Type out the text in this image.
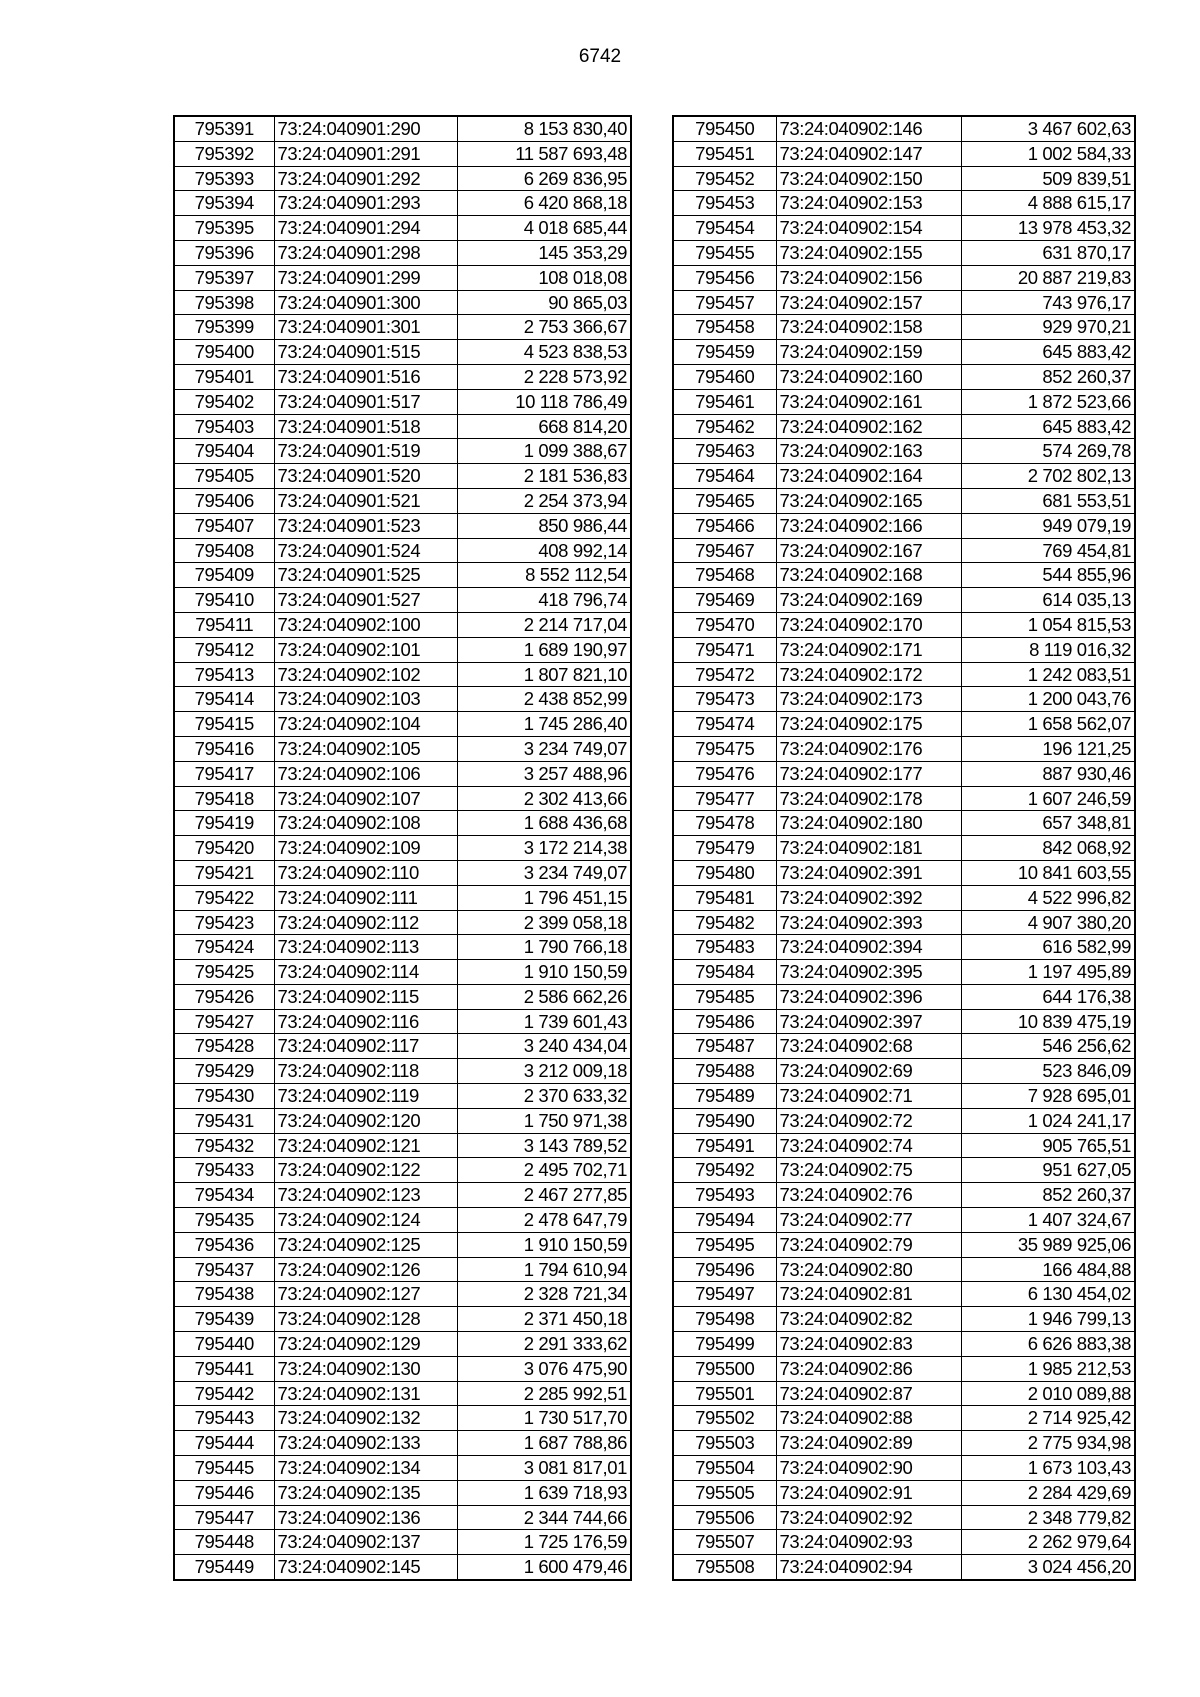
6742
795391	73:24:040901:290	8 153 830,40
795392	73:24:040901:291	11 587 693,48
795393	73:24:040901:292	6 269 836,95
795394	73:24:040901:293	6 420 868,18
795395	73:24:040901:294	4 018 685,44
795396	73:24:040901:298	145 353,29
795397	73:24:040901:299	108 018,08
795398	73:24:040901:300	90 865,03
795399	73:24:040901:301	2 753 366,67
795400	73:24:040901:515	4 523 838,53
795401	73:24:040901:516	2 228 573,92
795402	73:24:040901:517	10 118 786,49
795403	73:24:040901:518	668 814,20
795404	73:24:040901:519	1 099 388,67
795405	73:24:040901:520	2 181 536,83
795406	73:24:040901:521	2 254 373,94
795407	73:24:040901:523	850 986,44
795408	73:24:040901:524	408 992,14
795409	73:24:040901:525	8 552 112,54
795410	73:24:040901:527	418 796,74
795411	73:24:040902:100	2 214 717,04
795412	73:24:040902:101	1 689 190,97
795413	73:24:040902:102	1 807 821,10
795414	73:24:040902:103	2 438 852,99
795415	73:24:040902:104	1 745 286,40
795416	73:24:040902:105	3 234 749,07
795417	73:24:040902:106	3 257 488,96
795418	73:24:040902:107	2 302 413,66
795419	73:24:040902:108	1 688 436,68
795420	73:24:040902:109	3 172 214,38
795421	73:24:040902:110	3 234 749,07
795422	73:24:040902:111	1 796 451,15
795423	73:24:040902:112	2 399 058,18
795424	73:24:040902:113	1 790 766,18
795425	73:24:040902:114	1 910 150,59
795426	73:24:040902:115	2 586 662,26
795427	73:24:040902:116	1 739 601,43
795428	73:24:040902:117	3 240 434,04
795429	73:24:040902:118	3 212 009,18
795430	73:24:040902:119	2 370 633,32
795431	73:24:040902:120	1 750 971,38
795432	73:24:040902:121	3 143 789,52
795433	73:24:040902:122	2 495 702,71
795434	73:24:040902:123	2 467 277,85
795435	73:24:040902:124	2 478 647,79
795436	73:24:040902:125	1 910 150,59
795437	73:24:040902:126	1 794 610,94
795438	73:24:040902:127	2 328 721,34
795439	73:24:040902:128	2 371 450,18
795440	73:24:040902:129	2 291 333,62
795441	73:24:040902:130	3 076 475,90
795442	73:24:040902:131	2 285 992,51
795443	73:24:040902:132	1 730 517,70
795444	73:24:040902:133	1 687 788,86
795445	73:24:040902:134	3 081 817,01
795446	73:24:040902:135	1 639 718,93
795447	73:24:040902:136	2 344 744,66
795448	73:24:040902:137	1 725 176,59
795449	73:24:040902:145	1 600 479,46
795450	73:24:040902:146	3 467 602,63
795451	73:24:040902:147	1 002 584,33
795452	73:24:040902:150	509 839,51
795453	73:24:040902:153	4 888 615,17
795454	73:24:040902:154	13 978 453,32
795455	73:24:040902:155	631 870,17
795456	73:24:040902:156	20 887 219,83
795457	73:24:040902:157	743 976,17
795458	73:24:040902:158	929 970,21
795459	73:24:040902:159	645 883,42
795460	73:24:040902:160	852 260,37
795461	73:24:040902:161	1 872 523,66
795462	73:24:040902:162	645 883,42
795463	73:24:040902:163	574 269,78
795464	73:24:040902:164	2 702 802,13
795465	73:24:040902:165	681 553,51
795466	73:24:040902:166	949 079,19
795467	73:24:040902:167	769 454,81
795468	73:24:040902:168	544 855,96
795469	73:24:040902:169	614 035,13
795470	73:24:040902:170	1 054 815,53
795471	73:24:040902:171	8 119 016,32
795472	73:24:040902:172	1 242 083,51
795473	73:24:040902:173	1 200 043,76
795474	73:24:040902:175	1 658 562,07
795475	73:24:040902:176	196 121,25
795476	73:24:040902:177	887 930,46
795477	73:24:040902:178	1 607 246,59
795478	73:24:040902:180	657 348,81
795479	73:24:040902:181	842 068,92
795480	73:24:040902:391	10 841 603,55
795481	73:24:040902:392	4 522 996,82
795482	73:24:040902:393	4 907 380,20
795483	73:24:040902:394	616 582,99
795484	73:24:040902:395	1 197 495,89
795485	73:24:040902:396	644 176,38
795486	73:24:040902:397	10 839 475,19
795487	73:24:040902:68	546 256,62
795488	73:24:040902:69	523 846,09
795489	73:24:040902:71	7 928 695,01
795490	73:24:040902:72	1 024 241,17
795491	73:24:040902:74	905 765,51
795492	73:24:040902:75	951 627,05
795493	73:24:040902:76	852 260,37
795494	73:24:040902:77	1 407 324,67
795495	73:24:040902:79	35 989 925,06
795496	73:24:040902:80	166 484,88
795497	73:24:040902:81	6 130 454,02
795498	73:24:040902:82	1 946 799,13
795499	73:24:040902:83	6 626 883,38
795500	73:24:040902:86	1 985 212,53
795501	73:24:040902:87	2 010 089,88
795502	73:24:040902:88	2 714 925,42
795503	73:24:040902:89	2 775 934,98
795504	73:24:040902:90	1 673 103,43
795505	73:24:040902:91	2 284 429,69
795506	73:24:040902:92	2 348 779,82
795507	73:24:040902:93	2 262 979,64
795508	73:24:040902:94	3 024 456,20
